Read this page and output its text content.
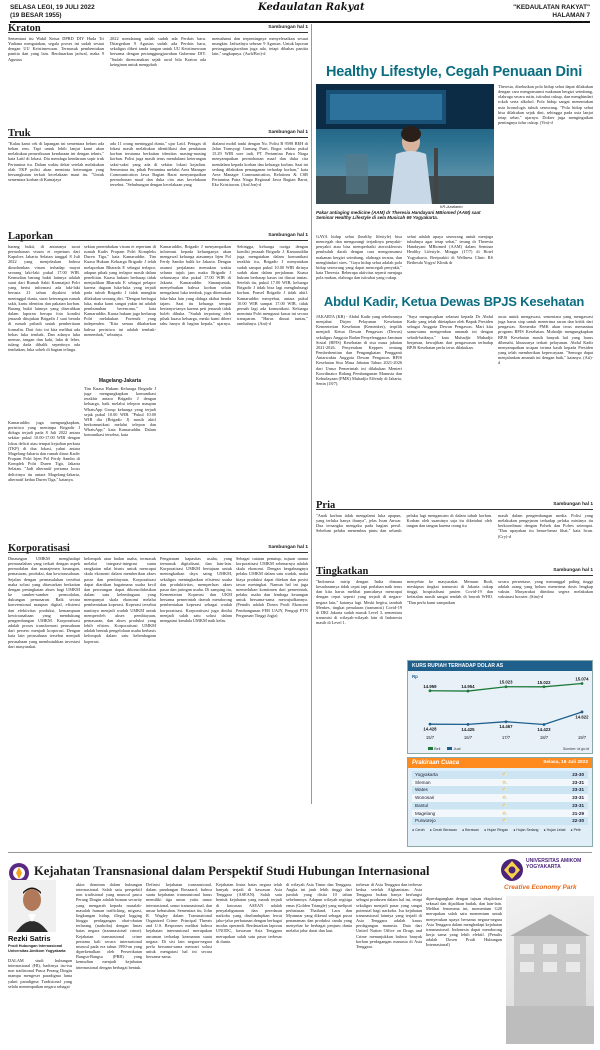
SELASA LEGI, 19 JULI 2022
(19 BESAR 1955)
Kedaulatan Rakyat	"KEDAULATAN RAKYAT"
HALAMAN 7
Kraton	Sambungan hal 1
Sementara itu Wakil Ketua DPRD DIY Huda Tri Yudiana mengatakan, segala proses ini sudah sesuai dengan UU Keistimewaan. Termasuk pembentukan panitia dan yang lain. Berdasarkan jadwal, maka 9 Agustus
2022 mendatang sudah sudah ada Perdais baru. Ditargetkan 9 Agustus sudah ada Perdais baru, sekaligus diberi tanda tangan untuk UU Keistimewaan bersama dengan pertanggungjawaban Gubernur DIY. "Sudah direncanakan sejak awal bila Kraton ada keinginan untuk mengubah
memahami dan terpentingnya menyelesaikan sesuai mungkin. Jadwalnya sebesar 9 Agustus. Untuk laporan pertanggungjawaban juga ada, tetapi dibahas panitia lain," ungkapnya. (Awh/Bro)-d
Truk	Sambungan hal 1
"Kalau kami cek di lapangan ini sementara belum ada beban rem. Tapi untuk lebih lanjut kami akan melakukan pemeriksaan kendaraan ini dengan teknis," kata Latif di lokasi. Dia menduga kendaraan sopir truk Pertamina itu. Dalam waktu dekat setelah melakukan olah TKP polisi akan meminta keterangan yang bersangkutan terkait kecelakaan maut itu. "Untuk sementara korban di Kamajaya
ada 11 orang meninggal dunia," ujar Latif. Petugas di lokasi masih melakukan identifikasi dan pendataan korban terutama berkaitan identitas masing-masing korban. Polisi juga masih terus mendalami keterangan saksi-saksi yang ada di sekitar lokasi kejadian. Sementara itu, pihak Pertamina melalui Area Manager Communication Jawa Bagian Barat menyampaikan permohonan maaf dan duka cita atas kecelakaan tersebut. "Sehubungan dengan kecelakaan yang
dialami mobil tanki dengan No. Polisi B 9598 BEH di Jalan Transyogi Gunung Putri, Bogor sekitar pukul 15.29 WIB sore tadi, PT Pertamina Patra Niaga menyampaikan permohonan maaf dan duka cita mendalam kepada korban dan keluarga korban. Saat ini sedang dilakukan penanganan terhadap korban," kata Area Manager Communication, Relations & CSR Pertamina Patra Niaga Regional Jawa Bagian Barat, Eko Kristiawan. (Ant/Jon)-d
Laporkan	Sambungan hal 1
barang bukti, di antaranya surat permohonan visum et repertum dari Kapolres Jakarta Selatan tanggal 8 Juli 2022 yang menjelaskan bahwa dimohonkan visum terhadap mayat seorang laki-laki pukul 17.00 WIB. Kemudian barang bukti lainnya adalah surat dari Rumah Sakit Kramatjati Polri yang berisi informasi ada laki-laki berusia 21 tahun diyakini telah meninggal dunia, surat keterangan rumah sakit, kartu identitas dan pakaian korban. Barang bukti lainnya yang diserahkan dalam laporan berupa foto kondisi jenazah ditujukan Brigadir J saat berada di rumah pribadi untuk pemberitaan formalin. Dari foto ini kita melihat ada bekas luka tembak. Dan adanya luka memar, tangan dan kaki, luka di leher, tulang dada dibalik sepertinya ada tembakan, luka sobek di bagian telinga.
Kamaruddin juga mengungkapkan, peristiwa yang menimpa Brigadir J diduga terjadi pada 8 Juli 2022 antara sekitar pukul 10.00-17.00 WIB dengan lokus delicti atau tempat kejadian perkara (TKP) di dua lokasi, yakni antara Magelang-Jakarta dan rumah dinas Kadiv Propam Polri Irjen Pol Ferdy Sambo di Komplek Polri Duren Tiga, Jakarta Selatan. "Jadi alternatif pertama locus delictinya itu antara Magelang-Jakarta, alternatif kedua Duren Tiga," katanya.
sekian penembakan visum et repertum di rumah Kadiv Propam Polri Kompleks Duren Tiga," kata Kamaruddin. Tim Kuasa Hukum Keluarga Brigadir J telah melaporkan Bharada E sebagai terlapor, adapun pihak yang terlapor masih dalam penelitian. Kuasa hukum berharap tidak menjadikan Bharada E sebagai pelapor karena dugaan luka-luka yang terjadi pada tubuh Brigadir J tidak mungkin dilakukan seorang diri. "Dengan berbagai luka, maka kami sangat yakin ini adalah pembunuhan berencana," kata Kamaruddin. Kuasa hukum juga berharap Polri melakukan Forensik yang independen. "Kita semua dikabarkan bahwa peristiwa ini adalah tembak-menembak," sebutnya.
Magelang-Jakarta
Tim Kuasa Hukum Keluarga Brigadir J juga mengungkapkan komunikasi terakhir antara Brigadir J dengan keluarga, baik melalui telepon maupun WhatsApp Group keluarga yang terjadi sejak pukul 10.00 WIB. "Pukul 10.00 WIB dia (Brigadir J) masih aktif berkomunikasi melalui telepon dan WhatsApp," kata Kamaruddin. Dalam komunikasi tersebut, kata
Kamaruddin, Brigadir J menyampaikan informasi kepada keluarganya akan mengawal keluarga atasannya Irjen Pol Ferdy Sambo balik ke Jakarta. Dengan asumsi perjalanan memakan waktu selama tujuh jam maka Brigadir J seharusnya tiba pukul 17.00 WIB di Jakarta. Kamaruddin Simanjuntak, menyebutkan bahwa korban selain mengalami luka tembak, juga ditemukan luka-luka lain yang diduga akibat benda tajam. Saat itu keluarga sempat bertanya-tanya karena peti jenazah tidak boleh dibuka. "Sudah terpotong oleh pihak kuasa keluarga, meski kami diberi tahu hanya di bagian kepala," ujarnya. Sehingga, keluarga curiga dengan kondisi jenazah Brigadir J. Kamaruddin juga mengatakan dalam komunikasi terakhir itu, Brigadir J menyatakan sudah sampai pukul 10.00 WIB dirinya sudah akan dalam perjalanan. Kuasa hukum berharap kasus ini diusut tuntas. Setelah itu, pukul 17.00 WIB, keluarga Brigadir J tidak bisa lagi menghubungi korban. Ponsel Brigadir J tidak aktif. Kamaruddin menyebut, antara pukul 10.00 WIB sampai 17.00 WIB, tidak pernah lagi ada komunikasi. Keluarga meminta Polri mengusut kasus ini secara transparan. "Harus diusut tuntas," tambahnya. (Ant)-d
Korporatisasi	Sambungan hal 1
Dinaungan UMKM menghadapi permasalahan yang terkait dengan aspek permodalan dan manajemen keuangan, pemasaran, produksi, dan kewirausahaan. Sejalan dengan permasalahan tersebut maka solusi yang ditawarkan berkaitan dengan peningkatan akses bagi UMKM ke sumber-sumber permodalan, dukungan pemasaran. Baik secara konvensional maupun digital, efisiensi dan efektivitas produksi, kemampuan kewirausahaan yang mendukung pengembangan UMKM. Korporatisasi adalah proses transformasi perusahaan dari persero menjadi korporasi. Dengan kata lain perusahaan tersebut menjadi perusahaan yang membutuhkan investasi dari masyarakat.
kelompok atau badan usaha, termasuk melalui integrasi-integrasi suatu rangkaian nilai bisnis untuk mencapai skala ekonomi dalam memberikan akses pasar dan pembiayaan. Korporatisasi dapat diartikan bagaimana usaha kecil dan perorangan dapat dikonsolidasikan dalam satu kelembagaan yang mempunyai skala ekonomi melalui pembentukan koperasi. Koperasi tersebut nantinya menjadi wadah UMKM untuk memperoleh akses pembiayaan, pemasaran, dan akses produksi yang lebih efisien. Korporatisasi UMKM adalah bentuk pengelolaan usaha berbasis kelompok dalam satu kelembagaan koperasi.
Pengaturan kapasitas usaha, yang termasuk digitalisasi, dan lain-lain. Korporatisasi UMKM bertujuan untuk meningkatkan daya saing UMKM, sekaligus meningkatkan efisiensi usaha dan produktivitas, memperluas akses pasar dan jaringan usaha. Di samping itu, Kementerian Koperasi dan UKM bersama pemerintah daerah mendorong pembentukan koperasi sebagai wadah korporatisasi. Korporatisasi juga dinilai menjadi salah satu solusi dalam mengatasi kendala UMKM naik kelas.
Sebagai catatan penutup, tujuan utama korporatisasi UMKM sebenarnya adalah skala ekonomi. Dengan bergabungnya pelaku UMKM dalam satu wadah, maka biaya produksi dapat ditekan dan posisi tawar meningkat. Namun hal ini juga memerlukan komitmen dari pemerintah, pelaku usaha dan lembaga keuangan untuk bersama-sama mewujudkannya. (Penulis adalah Dosen Prodi Ekonomi Pembangunan FEB UAJY, Penguji PTN Perguruan Tinggi Jogja)
Healthy Lifestyle, Cegah Penuaan Dini
KR-Juwitanto
Pakar antiaging medicine (AAM) dr Theresia Handayani MBiomed (AAM) saat Seminar Healthy Lifestyle di sela Musicah 69 Yogyakarta.
GAYA hidup sehat (healthy lifestyle) bisa mencegah dan mengurangi terjadinya penyakit-penyakit atau bisa memperbaiki aterosklerosis pembuluh darah dengan cara mengonsumsi makanan bergizi seimbang, olahraga teratur, dan menghindari stres. "Gaya hidup sehat adalah pola hidup seseorang yang dapat mencegah penyakit," kata Theresia. Beberapa aktivitas seperti menjaga pola makan, olahraga dan istirahat yang cukup.
sehat adalah upaya seseorang untuk menjaga tubuhnya agar tetap sehat," terang dr Theresia Handayani MBiomed (AAM) dalam Seminar Healthy Lifestyle, Minggu (17/7) di Hotel Yogyakarta. Beriprakiti di Wellness Clinic RS Bethesda Yogya/ Klinik dr
Theresia, disebutkan pola hidup sehat dapat dilakukan dengan cara mengonsumsi makanan bergizi seimbang, olahraga secara rutin, istirahat cukup, dan menghindari rokok serta alkohol. Pola hidup sangat menentukan usia kronologis tubuh seseorang. "Pola hidup sehat bisa dilakukan sejak dini, sehingga pada usia lanjut tetap sehat," ujarnya. Dokter juga mengingatkan pentingnya tidur cukup. (Vin)-d
Abdul Kadir, Ketua Dewas BPJS Kesehatan
JAKARTA (KR) - Abdul Kadir yang sebelumnya menjabat Dirjen Pelayanan Kesehatan Kementerian Kesehatan (Kemenkes), terpilih menjadi Ketua Dewan Pengawas (Dewas) sekaligus Anggota Badan Penyelenggara Jaminan Sosial (BPJS) Kesehatan di sisa masa jabatan 2021-2026. Penyerahan Keppres tentang Pemberhentian dan Pengangkatan Pengganti Antarwaktu Anggota Dewan Pengawas BPJS Kesehatan Sisa Masa Jabatan Tahun 2021-2026 dari Unsur Pemerintah ini dilakukan Menteri Koordinator Bidang Pembangunan Manusia dan Kebudayaan (PMK) Muhadjir Effendy di Jakarta, Senin (18/7).
"Saya mengucapkan selamat kepada Dr Abdul Kadir yang telah ditetapkan oleh Bapak Presiden sebagai Anggota Dewan Pengawas. Mari kita sama-sama mengemban amanah ini dengan sebaik-baiknya," kata Muhadjir. Muhadjir berpesan, kewajiban dari pengawasan terhadap BPJS Kesehatan perlu terus dilakukan.
awas untuk mengawasi, sementara yang mengawasi juga harus siap untuk menerima saran dan kritik dari pengawas. Kemenko PMK akan terus memantau program BPJS Kesehatan. Muhadjir mengungkapkan BPJS Kesehatan masih banyak hal yang harus dibenahi, khususnya terkait pelayanan. Abdul Kadir menyampaikan ucapan terima kasih kepada Presiden yang telah memberikan kepercayaan. "Semoga dapat menjalankan amanah ini dengan baik," katanya. (Ati)-d
Pria	Sambungan hal 1
"Anak korban tidak mengalami luka apapun, yang terluka hanya ibunya", jelas Iwan Anwar. Dua tersangka mengaku pada bagian persil. Sebelum pelaku menembus pintu dan seluruh pelaku lagi mengancam di dalam tubuh korban. Korban oleh suaminya saja itu diketahui oleh tangan dan tangan karena orang itu
masih dalam pengembangan media. Polisi yang melakukan pengejaran terhadap pelaku mistinya itu berkoordinasi dengan Polsek dan Polres setempat. "Dan upayakan itu benar-benar lihat," kata Iwan. (Cry)-d
Tingkatkan	Sambungan hal 1
"Indonesia mirip dengan India dimana kesadarannya tidak cepat tapi perlahan naik terus dan kita harus melihat puncaknya mencapai dengan cepat seperti yang terjadi di negara-negara lain," katanya lagi. Meski begitu, tambah Menkes, tingkat penularan (transmisi) Covid-19 di DKI Jakarta sudah masuk Level 3, sementara transmisi di wilayah-wilayah lain di Indonesia masih di Level 1.
menyebar ke masyarakat. Menurut Budi, meskipun tingkat transmisi di Jakarta cukup tinggi, hospitalisasi pasien Covid-19 dan kefatalan masih sangat rendah di bawah WHO. "Dan perlu kami sampaikan
secara persentase, yang menunggal paling tinggi adalah orang yang belum menerima dosis lengkap vaksin. Masyarakat diimbau segera melakukan vaksinasi booster. (Sim)-d
KURS RUPIAH TERHADAP DOLAR AS
Rp
14.959	14.954
15.023	15.022
15.074
14.428	14.425
14.467
14.423
14.622
15/7	16/7	17/7	18/7	19/7
Beli	Jual	Sumber: bi.go.id
Prakiraan Cuaca	Selasa, 19 Juli 2022
Yogyakarta	⛅	23-30
Sleman	⛅	23-31
Wates	⛅	23-31
Wonosari	⛅	23-31
Bantul	⛅	23-31
Magelang	⛅	21-29
Purworejo	⛅	22-30
● Cerah ● Cerah Berawan ● Berawan ● Hujan Ringan ● Hujan Sedang ● Hujan Lebat ● Petir
Kejahatan Transnasional dalam Perspektif Studi Hubungan Internasional
UNIVERSITAS AMIKOM YOGYAKARTA
Creative Economy Park
Rezki Satris
Prodi Hubungan Internasional Universitas Amikom Yogyakarta
DALAM studi hubungan internasional (HI), hadirnya isu-isu non tradisional Pasca Perang Dingin mampu mengeser paradigma lama yakni paradigma Tradisional yang selalu menempatkan negara sebagai
aktor dominan dalam hubungan internasional. Salah satu perspektif non tradisional yang muncul pasca Perang Dingin adalah human security yang mengarah kepada masalah-masalah human trafficking, migrasi, lingkungan hidup, illegal logging hingga perdagangan obat-obatan terlarang (narkoba) dengan lintas batas negara (transnasional crime). Kejahatan transnasional crime pertama kali secara internasional muncul pada era tahun 1990-an yang diperkenalkan oleh Perserikatan Bangsa-Bangsa (PBB) yang kemudian menjadi kejahatan internasional dengan berbagai bentuk.
Definisi kejahatan transnasional, dalam pandangan Bossaard, bahwa suatu kejahatan transnasional harus memiliki tiga unsur yaitu unsur internasional, unsur transnasional, dan unsur kebutuhan. Sementara itu, John R. Wagley dalam Transnational Organized Crime: Principal Threats and U.S. Responses melihat bahwa kejahatan internasional merupakan ancaman terhadap keamanan suatu negara. Di sisi lain negara-negara perlu bersama-sama mencari solusi untuk mengatasi hal ini secara bersama-sama.
Kejahatan lintas batas negara telah banyak terjadi di kawasan Asia Tenggara (ASEAN). Salah satu bentuk kejahatan yang marak terjadi di kawasan ASEAN adalah penyalahgunaan dan peredaran narkoba yang diselundupkan lewat jalur-jalur perbatasan dengan berbagai modus operandi. Berdasarkan laporan UNODC, kawasan Asia Tenggara merupakan salah satu pasar terbesar di dunia.
di wilayah Asia Timur dan Tenggara. Angka ini jauh lebih tinggi dari jumlah yang disita 10 tahun sebelumnya. Adapun wilayah segitiga emas (Golden Triangle) yang meliputi perbatasan Thailand, Laos dan Myanmar yang dikenal sebagai pusat penanaman dan produksi candu yang menyebar ke berbagai penjuru dunia melalui jalur darat dan laut.
terbesar di Asia Tenggara dan terbesar kedua setelah Afghanistan. Asia Tenggara bukan hanya berfungsi sebagai produsen dalam hal ini, tetapi sekaligus menjadi pasar yang sangat potensial bagi narkoba. Isu kejahatan transnasional lainnya yang terjadi di Asia Tenggara adalah kasus perdagangan manusia. Data dari United Nation Office on Drugs and Crime menunjukkan bahwa banyak korban perdagangan manusia di Asia Tenggara.
diperdagangkan dengan tujuan eksploitasi seksual dan dijadikan budak, dan lain-lain. Melihat fenomena ini, momentum G20 merupakan salah satu momentum untuk menyerukan upaya bersama negara-negara Asia Tenggara dalam menghadapi kejahatan transnasional. Indonesia dapat mendorong kerja sama yang lebih efektif. (Penulis adalah Dosen Prodi Hubungan Internasional)
